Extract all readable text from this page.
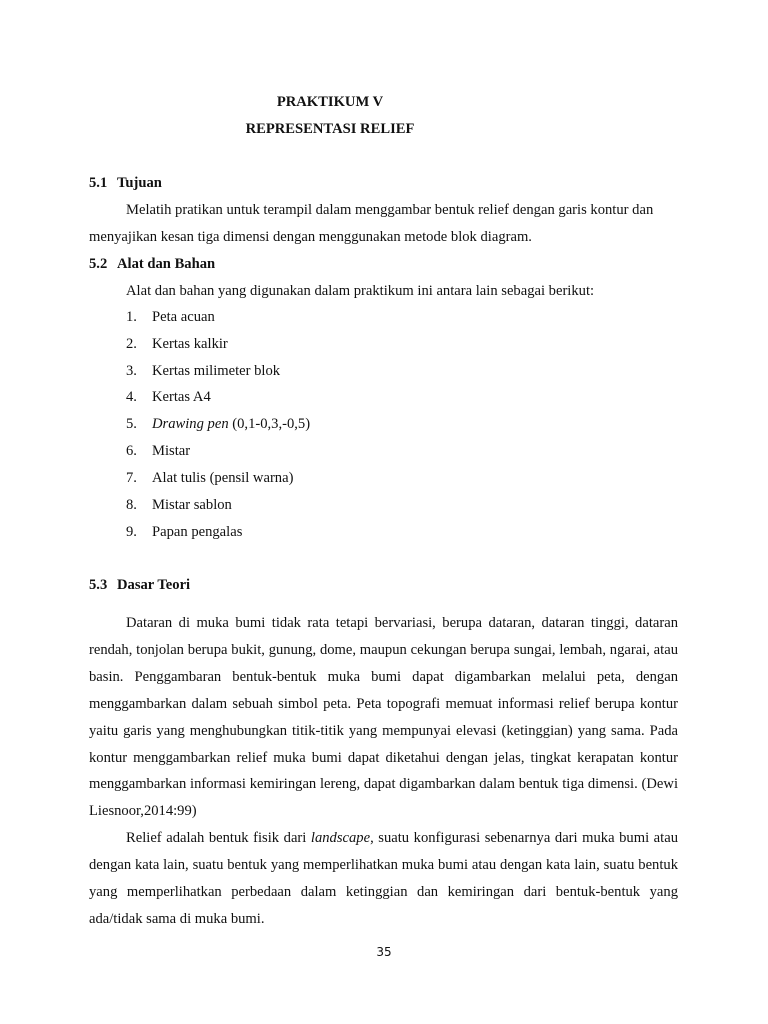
PRAKTIKUM V
REPRESENTASI RELIEF
5.1 Tujuan
Melatih pratikan untuk terampil dalam menggambar bentuk relief dengan garis kontur dan
menyajikan kesan tiga dimensi dengan menggunakan metode blok diagram.
5.2 Alat dan Bahan
Alat dan bahan yang digunakan dalam praktikum ini antara lain sebagai berikut:
1. Peta acuan
2. Kertas kalkir
3. Kertas milimeter blok
4. Kertas A4
5. Drawing pen (0,1-0,3,-0,5)
6. Mistar
7. Alat tulis (pensil warna)
8. Mistar sablon
9. Papan pengalas
5.3 Dasar Teori

Dataran di muka bumi tidak rata tetapi bervariasi, berupa dataran, dataran tinggi, dataran rendah, tonjolan berupa bukit, gunung, dome, maupun cekungan berupa sungai, lembah, ngarai, atau basin. Penggambaran bentuk-bentuk muka bumi dapat digambarkan melalui peta, dengan menggambarkan dalam sebuah simbol peta. Peta topografi memuat informasi relief berupa kontur yaitu garis yang menghubungkan titik-titik yang mempunyai elevasi (ketinggian) yang sama. Pada kontur menggambarkan relief muka bumi dapat diketahui dengan jelas, tingkat kerapatan kontur menggambarkan informasi kemiringan lereng, dapat digambarkan dalam bentuk tiga dimensi. (Dewi Liesnoor,2014:99)

Relief adalah bentuk fisik dari landscape, suatu konfigurasi sebenarnya dari muka bumi atau dengan kata lain, suatu bentuk yang memperlihatkan muka bumi atau dengan kata lain, suatu bentuk yang memperlihatkan perbedaan dalam ketinggian dan kemiringan dari bentuk-bentuk yang ada/tidak sama di muka bumi.

35
